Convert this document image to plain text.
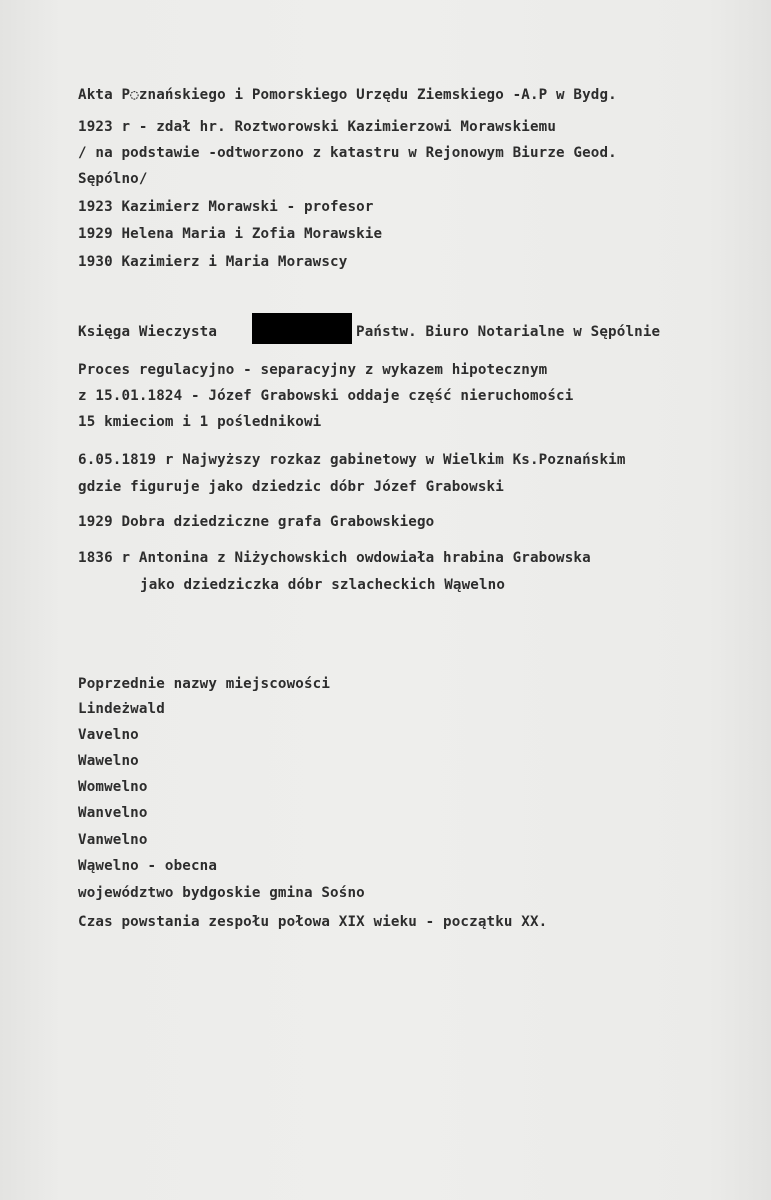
Akta P◌znańskiego i Pomorskiego Urzędu Ziemskiego -A.P w Bydg.
1923 r - zdał hr. Roztworowski Kazimierzowi Morawskiemu
/ na podstawie -odtworzono z katastru w Rejonowym Biurze Geod.
Sępólno/
1923 Kazimierz Morawski - profesor
1929 Helena Maria i Zofia Morawskie
1930 Kazimierz i Maria Morawscy
Księga Wieczysta	Państw. Biuro Notarialne w Sępólnie
Proces regulacyjno - separacyjny z wykazem hipotecznym
z 15.01.1824 - Józef Grabowski oddaje część nieruchomości
15 kmieciom i 1 poślednikowi
6.05.1819 r Najwyższy rozkaz gabinetowy w Wielkim Ks.Poznańskim
gdzie figuruje jako dziedzic dóbr Józef Grabowski
1929 Dobra dziedziczne grafa Grabowskiego
1836 r Antonina z Niżychowskich owdowiała hrabina Grabowska
jako dziedziczka dóbr szlacheckich Wąwelno
Poprzednie nazwy miejscowości
Lindeżwald
Vavelno
Wawelno
Womwelno
Wanvelno
Vanwelno
Wąwelno - obecna
województwo bydgoskie gmina Sośno
Czas powstania zespołu połowa XIX wieku - początku XX.
